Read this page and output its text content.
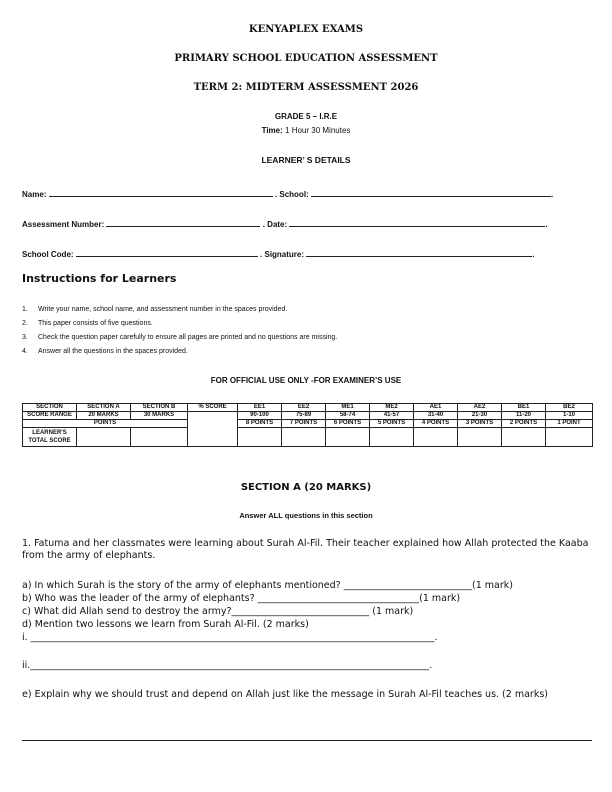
KENYAPLEX EXAMS
PRIMARY SCHOOL EDUCATION ASSESSMENT
TERM 2: MIDTERM ASSESSMENT 2026
GRADE 5 – I.R.E
Time: 1 Hour 30 Minutes
LEARNER’ S DETAILS
Name:	. School:	.
Assessment Number:	. Date:	.
School Code:	. Signature:	.
Instructions for Learners
1. Write your name, school name, and assessment number in the spaces provided.
2. This paper consists of five questions.
3. Check the question paper carefully to ensure all pages are printed and no questions are missing.
4. Answer all the questions in the spaces provided.
FOR OFFICIAL USE ONLY -FOR EXAMINER’S USE
SECTION	SECTION A	SECTION B	% SCORE	EE1	EE2	ME1	ME2	AE1	AE2	BE1	BE2
SCORE RANGE	20 MARKS	30 MARKS		90-100	75-89	58-74	41-57	31-40	21-30	11-20	1-10
POINTS				8 POINTS	7 POINTS	6 POINTS	5 POINTS	4 POINTS	3 POINTS	2 POINTS	1 POINT
LEARNER'S TOTAL SCORE											
SECTION A (20 MARKS)
Answer ALL questions in this section
1. Fatuma and her classmates were learning about Surah Al-Fil. Their teacher explained how Allah protected the Kaaba from the army of elephants.
a) In which Surah is the story of the army of elephants mentioned? ___________________________(1 mark)
b) Who was the leader of the army of elephants? __________________________________(1 mark)
c) What did Allah send to destroy the army?_____________________________ (1 mark)
d) Mention two lessons we learn from Surah Al-Fil. (2 marks)
i. _____________________________________________________________________________________.
ii.____________________________________________________________________________________.
e) Explain why we should trust and depend on Allah just like the message in Surah Al-Fil teaches us. (2 marks)
